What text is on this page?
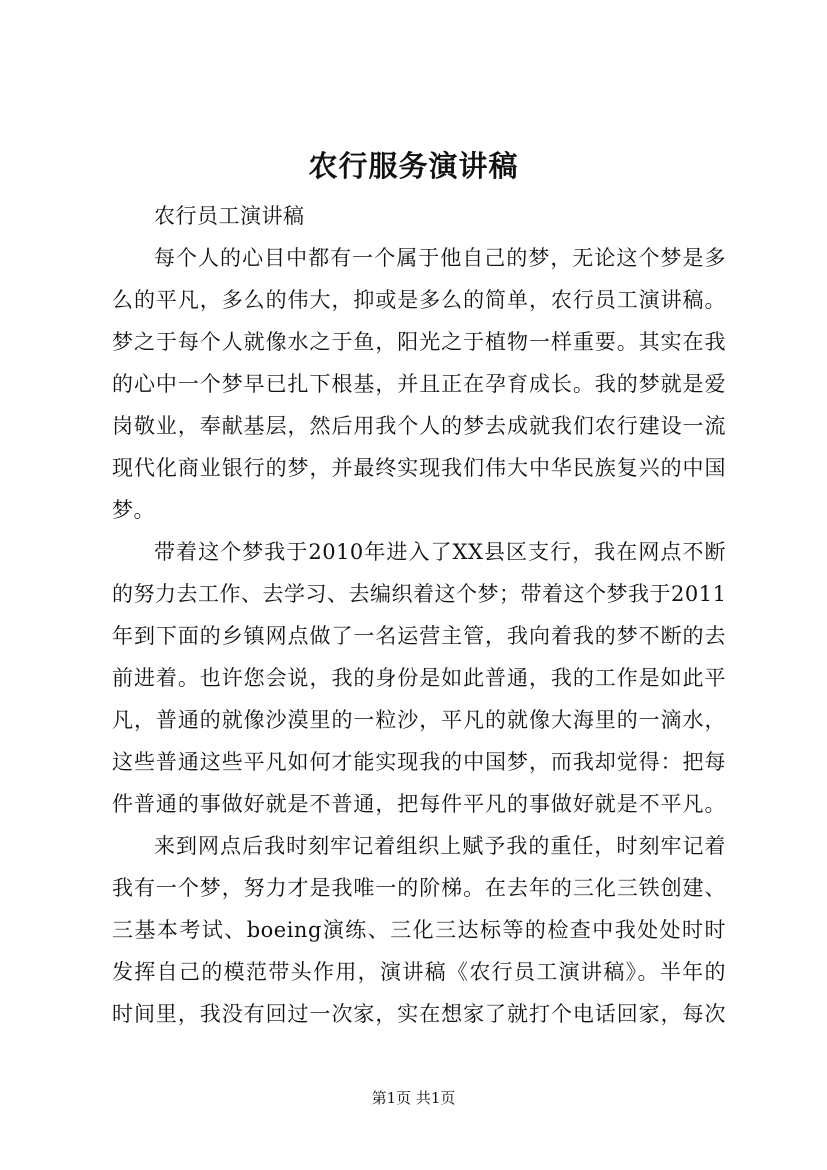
农行服务演讲稿

农行员工演讲稿

每个人的心目中都有一个属于他自己的梦，无论这个梦是多

么的平凡，多么的伟大，抑或是多么的简单，农行员工演讲稿。

梦之于每个人就像水之于鱼，阳光之于植物一样重要。其实在我

的心中一个梦早已扎下根基，并且正在孕育成长。我的梦就是爱

岗敬业，奉献基层，然后用我个人的梦去成就我们农行建设一流

现代化商业银行的梦，并最终实现我们伟大中华民族复兴的中国

梦。

带着这个梦我于2010年进入了XX县区支行，我在网点不断

的努力去工作、去学习、去编织着这个梦；带着这个梦我于2011

年到下面的乡镇网点做了一名运营主管，我向着我的梦不断的去

前进着。也许您会说，我的身份是如此普通，我的工作是如此平

凡，普通的就像沙漠里的一粒沙，平凡的就像大海里的一滴水，

这些普通这些平凡如何才能实现我的中国梦，而我却觉得：把每

件普通的事做好就是不普通，把每件平凡的事做好就是不平凡。

来到网点后我时刻牢记着组织上赋予我的重任，时刻牢记着

我有一个梦，努力才是我唯一的阶梯。在去年的三化三铁创建、

三基本考试、boeing演练、三化三达标等的检查中我处处时时

发挥自己的模范带头作用，演讲稿《农行员工演讲稿》。半年的

时间里，我没有回过一次家，实在想家了就打个电话回家，每次

第1页 共1页
